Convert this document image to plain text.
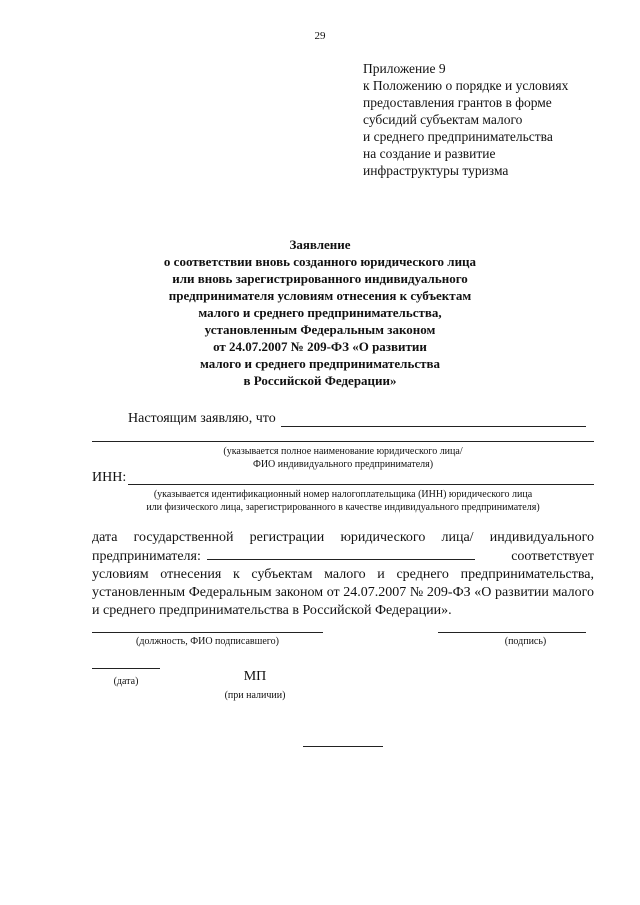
29
Приложение 9
к Положению о порядке и условиях
предоставления грантов в форме
субсидий субъектам малого
и среднего предпринимательства
на создание и развитие
инфраструктуры туризма
Заявление
о соответствии вновь созданного юридического лица
или вновь зарегистрированного индивидуального
предпринимателя условиям отнесения к субъектам
малого и среднего предпринимательства,
установленным Федеральным законом
от 24.07.2007 № 209-ФЗ «О развитии
малого и среднего предпринимательства
в Российской Федерации»
Настоящим заявляю, что
(указывается полное наименование юридического лица/
ФИО индивидуального предпринимателя)
ИНН:
(указывается идентификационный номер налогоплательщика (ИНН) юридического лица
или физического лица, зарегистрированного в качестве индивидуального предпринимателя)
дата государственной регистрации юридического лица/ индивидуального
предпринимателя:	соответствует
условиям отнесения к субъектам малого и среднего предпринимательства, установленным Федеральным законом от 24.07.2007 № 209-ФЗ «О развитии малого и среднего предпринимательства в Российской Федерации».
(должность, ФИО подписавшего)	(подпись)
(дата)	МП
(при наличии)
